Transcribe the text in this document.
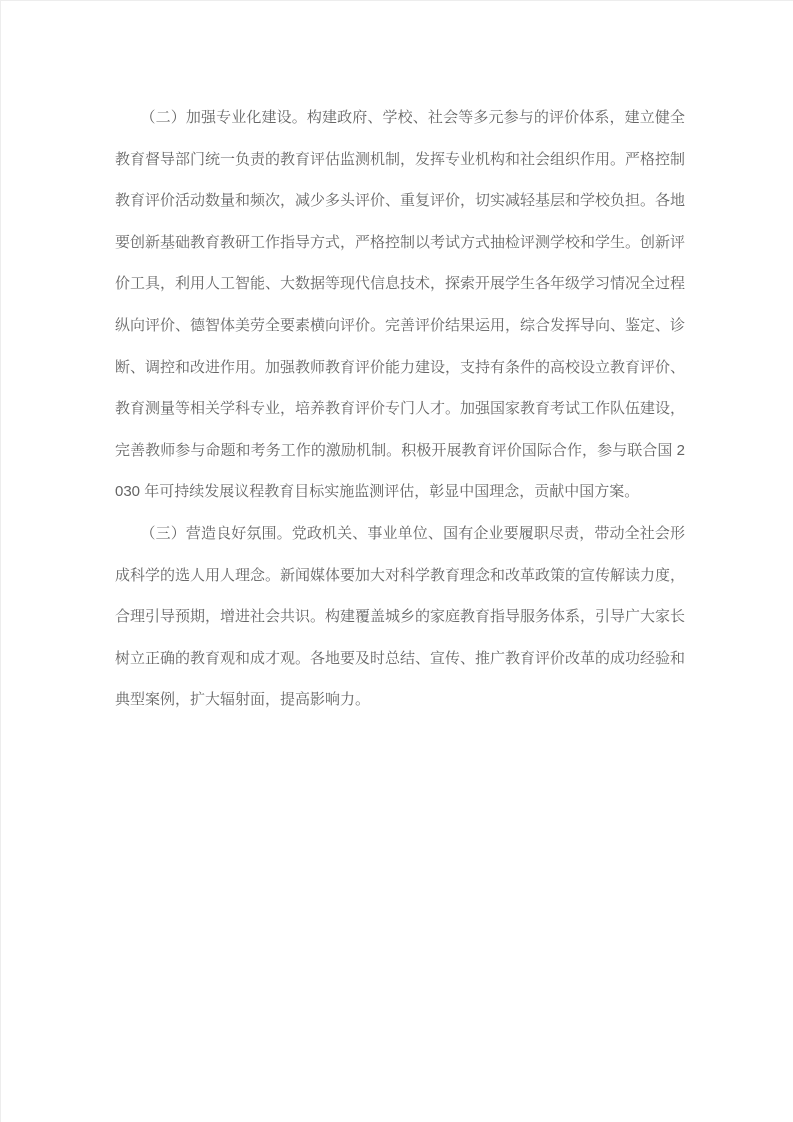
（二）加强专业化建设。构建政府、学校、社会等多元参与的评价体系，建立健全
教育督导部门统一负责的教育评估监测机制，发挥专业机构和社会组织作用。严格控制
教育评价活动数量和频次，减少多头评价、重复评价，切实减轻基层和学校负担。各地
要创新基础教育教研工作指导方式，严格控制以考试方式抽检评测学校和学生。创新评
价工具，利用人工智能、大数据等现代信息技术，探索开展学生各年级学习情况全过程
纵向评价、德智体美劳全要素横向评价。完善评价结果运用，综合发挥导向、鉴定、诊
断、调控和改进作用。加强教师教育评价能力建设，支持有条件的高校设立教育评价、
教育测量等相关学科专业，培养教育评价专门人才。加强国家教育考试工作队伍建设，
完善教师参与命题和考务工作的激励机制。积极开展教育评价国际合作，参与联合国 2
030 年可持续发展议程教育目标实施监测评估，彰显中国理念，贡献中国方案。

（三）营造良好氛围。党政机关、事业单位、国有企业要履职尽责，带动全社会形
成科学的选人用人理念。新闻媒体要加大对科学教育理念和改革政策的宣传解读力度，
合理引导预期，增进社会共识。构建覆盖城乡的家庭教育指导服务体系，引导广大家长
树立正确的教育观和成才观。各地要及时总结、宣传、推广教育评价改革的成功经验和
典型案例，扩大辐射面，提高影响力。
